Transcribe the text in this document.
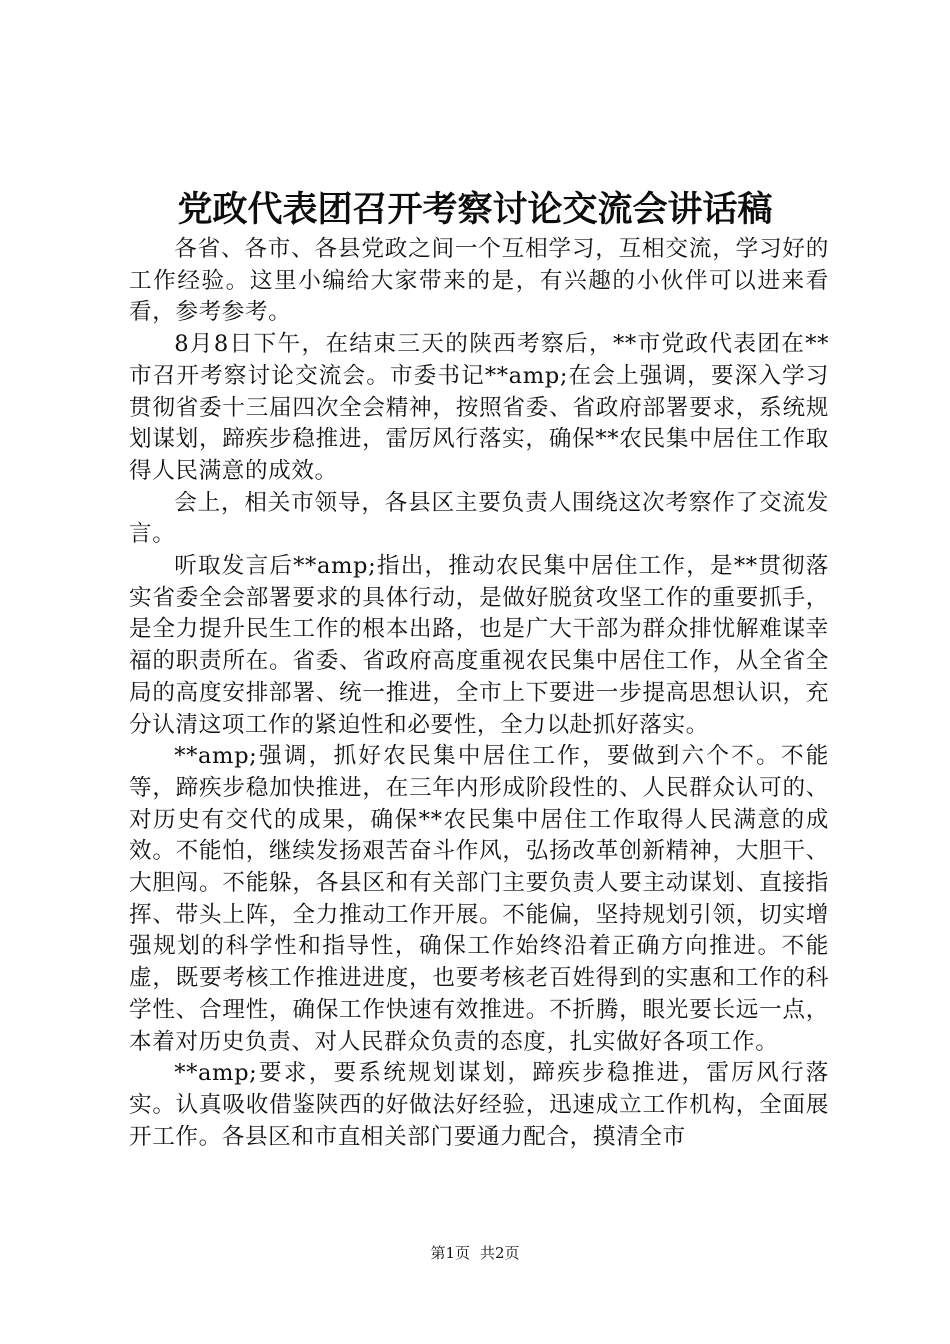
党政代表团召开考察讨论交流会讲话稿

各省、各市、各县党政之间一个互相学习，互相交流，学习好的工作经验。这里小编给大家带来的是，有兴趣的小伙伴可以进来看看，参考参考。

8月8日下午，在结束三天的陕西考察后，**市党政代表团在**市召开考察讨论交流会。市委书记**amp;在会上强调，要深入学习贯彻省委十三届四次全会精神，按照省委、省政府部署要求，系统规划谋划，蹄疾步稳推进，雷厉风行落实，确保**农民集中居住工作取得人民满意的成效。

会上，相关市领导，各县区主要负责人围绕这次考察作了交流发言。

听取发言后**amp;指出，推动农民集中居住工作，是**贯彻落实省委全会部署要求的具体行动，是做好脱贫攻坚工作的重要抓手，是全力提升民生工作的根本出路，也是广大干部为群众排忧解难谋幸福的职责所在。省委、省政府高度重视农民集中居住工作，从全省全局的高度安排部署、统一推进，全市上下要进一步提高思想认识，充分认清这项工作的紧迫性和必要性，全力以赴抓好落实。

**amp;强调，抓好农民集中居住工作，要做到六个不。不能等，蹄疾步稳加快推进，在三年内形成阶段性的、人民群众认可的、对历史有交代的成果，确保**农民集中居住工作取得人民满意的成效。不能怕，继续发扬艰苦奋斗作风，弘扬改革创新精神，大胆干、大胆闯。不能躲，各县区和有关部门主要负责人要主动谋划、直接指挥、带头上阵，全力推动工作开展。不能偏，坚持规划引领，切实增强规划的科学性和指导性，确保工作始终沿着正确方向推进。不能虚，既要考核工作推进进度，也要考核老百姓得到的实惠和工作的科学性、合理性，确保工作快速有效推进。不折腾，眼光要长远一点，本着对历史负责、对人民群众负责的态度，扎实做好各项工作。

**amp;要求，要系统规划谋划，蹄疾步稳推进，雷厉风行落实。认真吸收借鉴陕西的好做法好经验，迅速成立工作机构，全面展开工作。各县区和市直相关部门要通力配合，摸清全市

第1页 共2页
